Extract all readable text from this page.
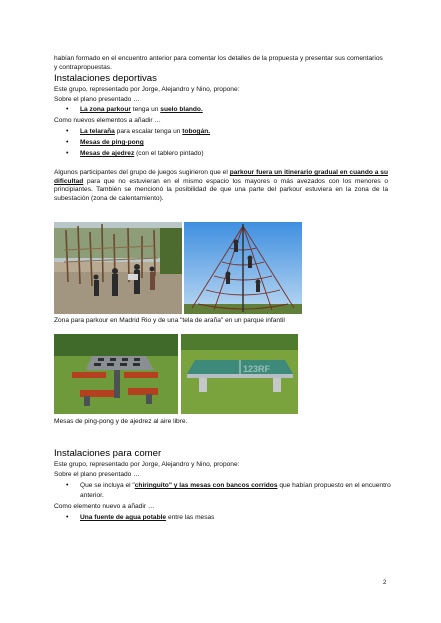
habían formado en el encuentro anterior para comentar los detalles de la propuesta y presentar sus comentarios

y contrapropuestas.

Instalaciones deportivas

Este grupo, representado por Jorge, Alejandro y Nino, propone:

Sobre el plano presentado …

• La zona parkour tenga un suelo blando.

Como nuevos elementos a añadir …

• La telaraña para escalar tenga un tobogán.
• Mesas de ping-pong
• Mesas de ajedrez (con el tablero pintado)
Algunos participantes del grupo de juegos sugirieron que el parkour fuera un itinerario gradual en cuando a su dificultad para que no estuvieran en el mismo espacio los mayores o más avezados con los menores o principiantes. También se mencionó la posibilidad de que una parte del parkour estuviera en la zona de la subestación (zona de calentamiento).
Zona para parkour en Madrid Rio y de una "tela de araña" en un parque infantil
123RF
Mesas de ping-pong y de ajedrez al aire libre.
Instalaciones para comer

Este grupo, representado por Jorge, Alejandro y Nino, propone:

Sobre el plano presentado …

• Que se incluya el "chiringuito" y las mesas con bancos corridos que habían propuesto en el encuentro
anterior.

Como elemento nuevo a añadir …

• Una fuente de agua potable entre las mesas
2
